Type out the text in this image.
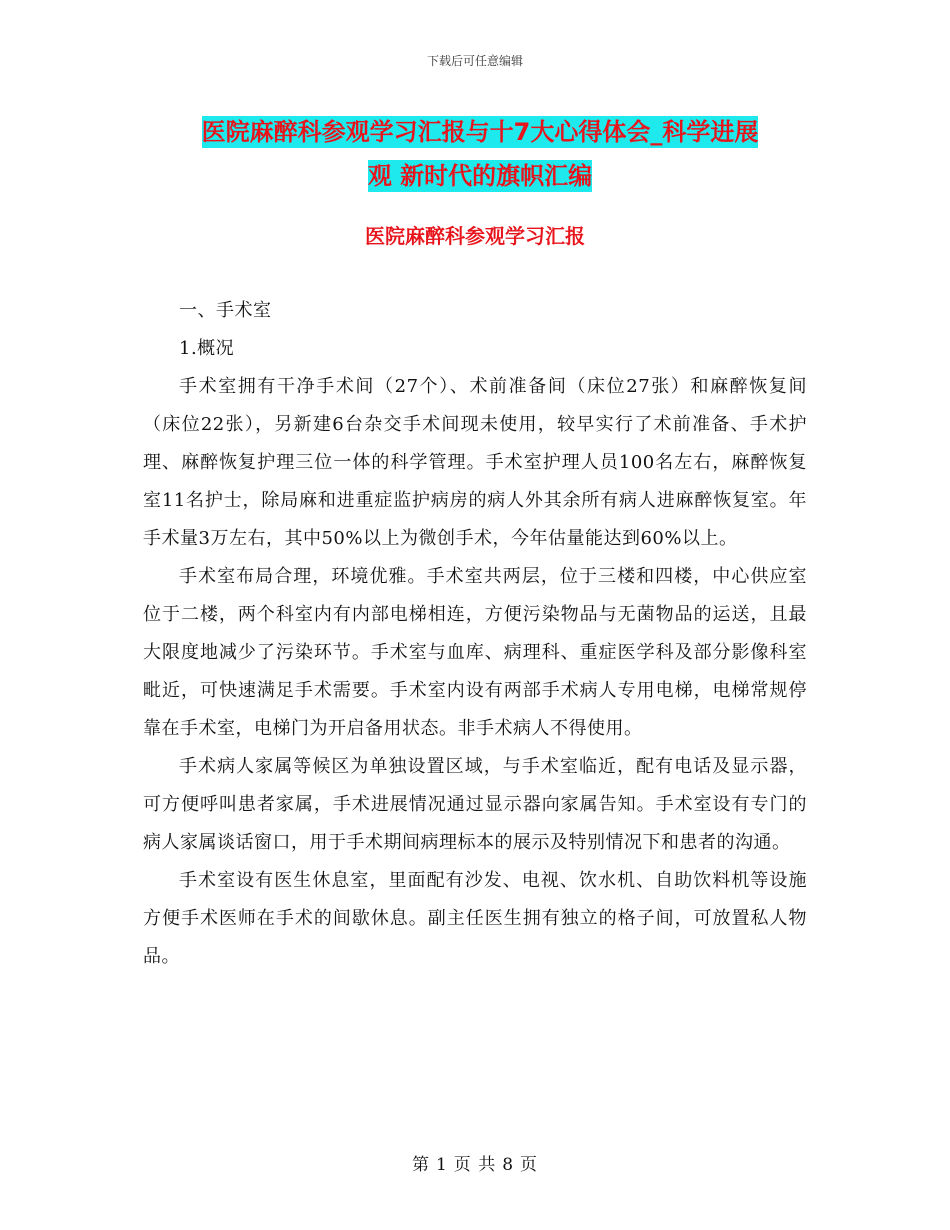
下载后可任意编辑
医院麻醉科参观学习汇报与十7大心得体会_科学进展
观 新时代的旗帜汇编
医院麻醉科参观学习汇报

一、手术室

1.概况

手术室拥有干净手术间（27个）、术前准备间（床位27张）和麻醉恢复间（床位22张），另新建6台杂交手术间现未使用，较早实行了术前准备、手术护理、麻醉恢复护理三位一体的科学管理。手术室护理人员100名左右，麻醉恢复室11名护士，除局麻和进重症监护病房的病人外其余所有病人进麻醉恢复室。年手术量3万左右，其中50%以上为微创手术，今年估量能达到60%以上。

手术室布局合理，环境优雅。手术室共两层，位于三楼和四楼，中心供应室位于二楼，两个科室内有内部电梯相连，方便污染物品与无菌物品的运送，且最大限度地减少了污染环节。手术室与血库、病理科、重症医学科及部分影像科室毗近，可快速满足手术需要。手术室内设有两部手术病人专用电梯，电梯常规停靠在手术室，电梯门为开启备用状态。非手术病人不得使用。

手术病人家属等候区为单独设置区域，与手术室临近，配有电话及显示器，可方便呼叫患者家属，手术进展情况通过显示器向家属告知。手术室设有专门的病人家属谈话窗口，用于手术期间病理标本的展示及特别情况下和患者的沟通。

手术室设有医生休息室，里面配有沙发、电视、饮水机、自助饮料机等设施方便手术医师在手术的间歇休息。副主任医生拥有独立的格子间，可放置私人物品。

第 1 页 共 8 页
